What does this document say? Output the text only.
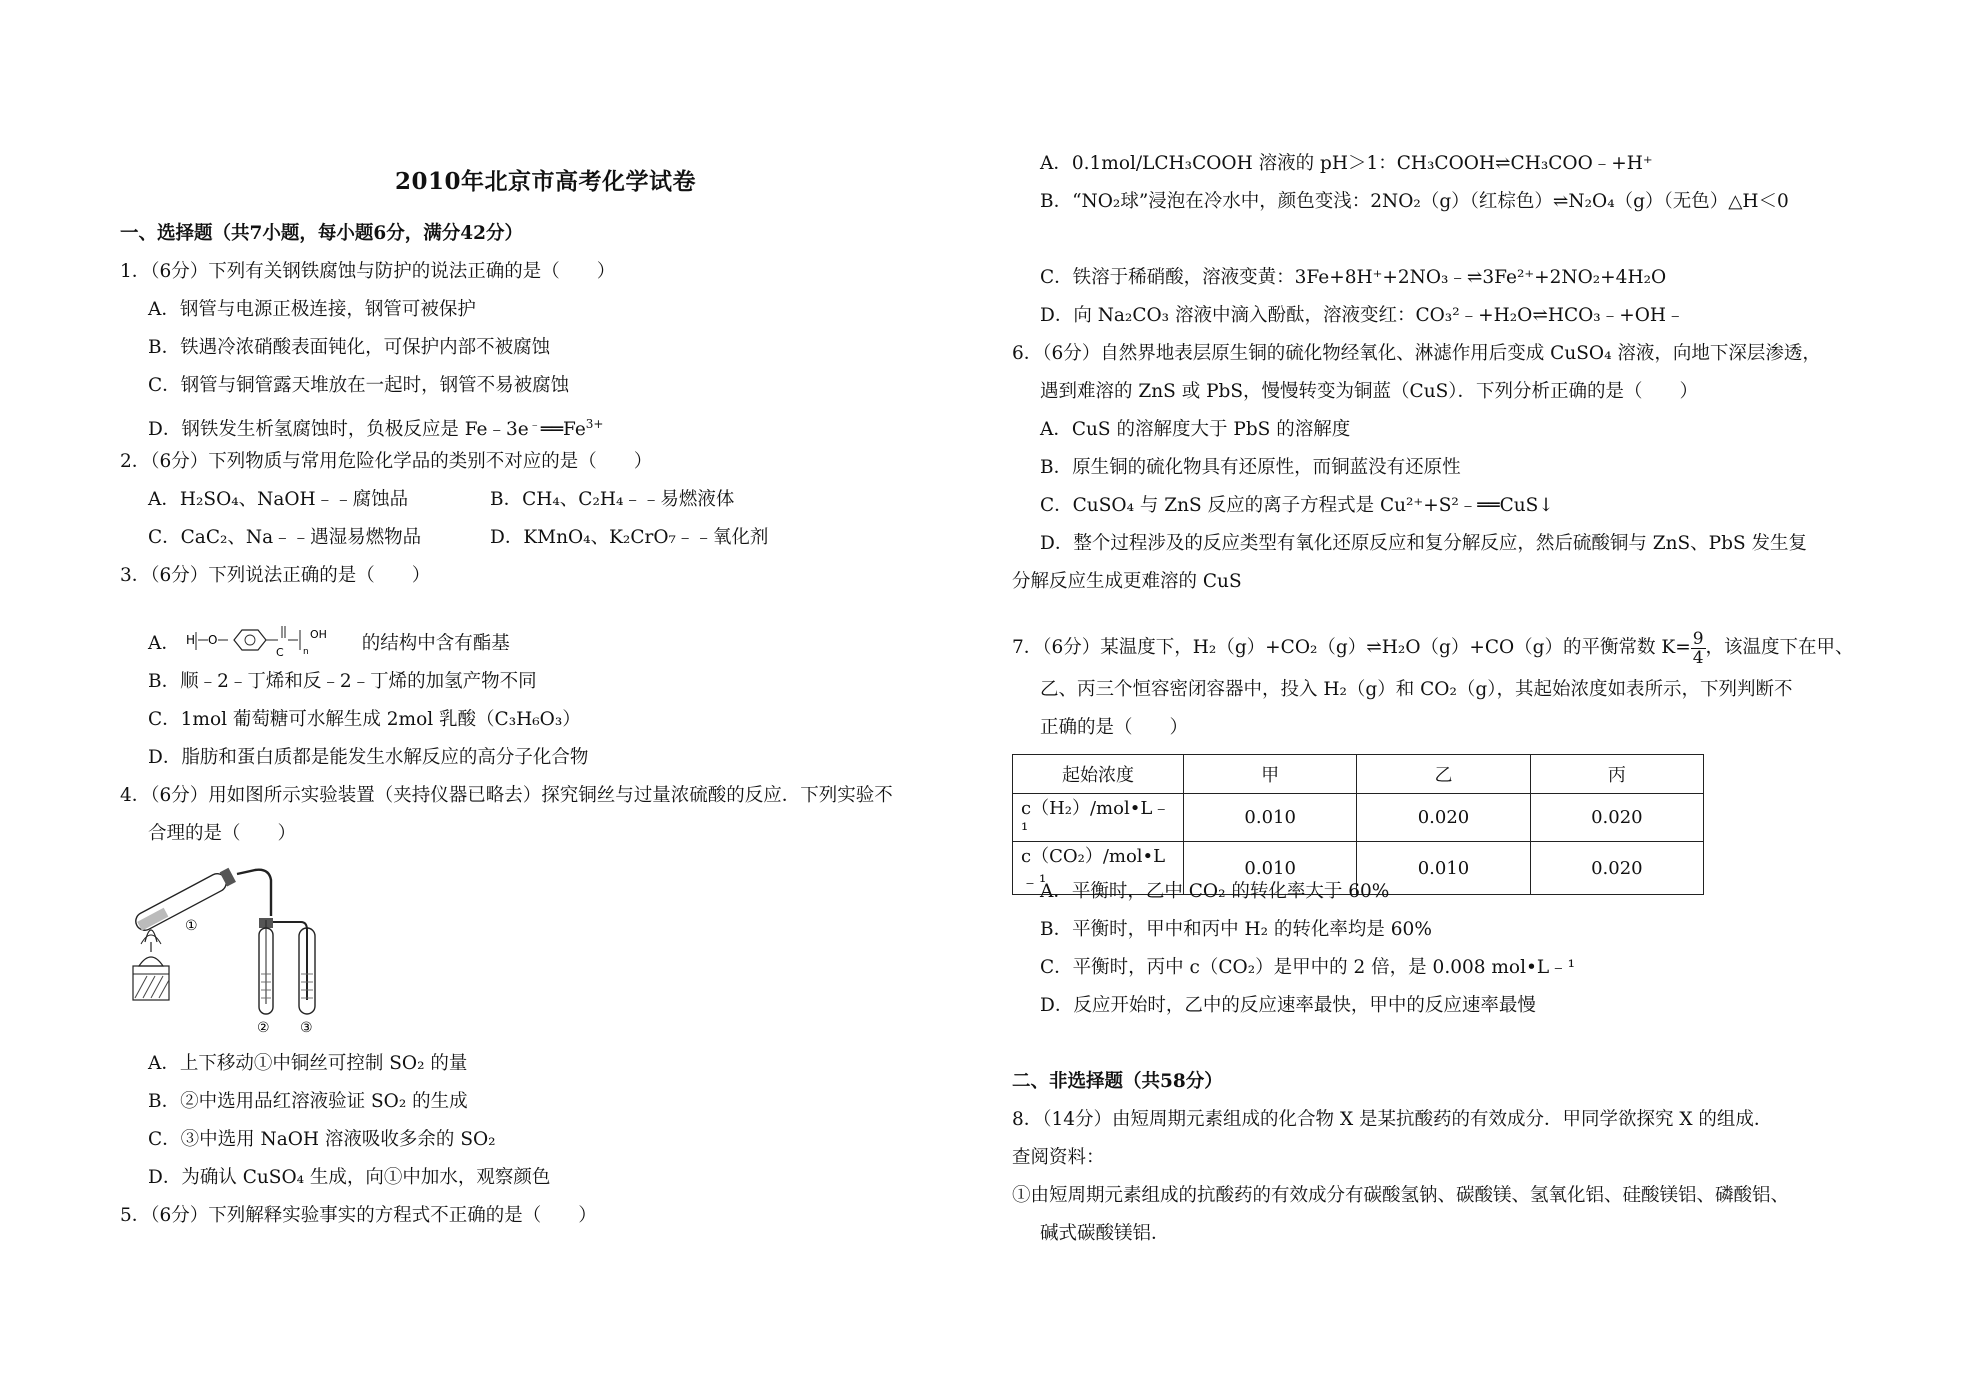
2010年北京市高考化学试卷
一、选择题（共7小题，每小题6分，满分42分）
1．（6分）下列有关钢铁腐蚀与防护的说法正确的是（　　）
A．钢管与电源正极连接，钢管可被保护
B．铁遇冷浓硝酸表面钝化，可保护内部不被腐蚀
C．钢管与铜管露天堆放在一起时，钢管不易被腐蚀
D．钢铁发生析氢腐蚀时，负极反应是 $Fe﹣3e^﹣══Fe^{3+}$
2．（6分）下列物质与常用危险化学品的类别不对应的是（　　）
A．H₂SO₄、NaOH﹣﹣腐蚀品	B．CH₄、C₂H₄﹣﹣易燃液体
C．CaC₂、Na﹣﹣遇湿易燃物品	D．KMnO₄、K₂CrO₇﹣﹣氧化剂
3．（6分）下列说法正确的是（　　）
A． H O
C n
OH 的结构中含有酯基
B．顺﹣2﹣丁烯和反﹣2﹣丁烯的加氢产物不同
C．1mol 葡萄糖可水解生成 2mol 乳酸（C₃H₆O₃）
D．脂肪和蛋白质都是能发生水解反应的高分子化合物
4．（6分）用如图所示实验装置（夹持仪器已略去）探究铜丝与过量浓硫酸的反应．下列实验不
合理的是（　　）
①
② ③
A．上下移动①中铜丝可控制 SO₂ 的量
B．②中选用品红溶液验证 SO₂ 的生成
C．③中选用 NaOH 溶液吸收多余的 SO₂
D．为确认 CuSO₄ 生成，向①中加水，观察颜色
5．（6分）下列解释实验事实的方程式不正确的是（　　）
A．0.1mol/LCH₃COOH 溶液的 pH＞1：CH₃COOH⇌CH₃COO﹣+H⁺
B．“NO₂球”浸泡在冷水中，颜色变浅：2NO₂（g）（红棕色）⇌N₂O₄（g）（无色）△H＜0
C．铁溶于稀硝酸，溶液变黄：3Fe+8H⁺+2NO₃﹣⇌3Fe²⁺+2NO₂+4H₂O
D．向 Na₂CO₃ 溶液中滴入酚酞，溶液变红：CO₃²﹣+H₂O⇌HCO₃﹣+OH﹣
6．（6分）自然界地表层原生铜的硫化物经氧化、淋滤作用后变成 CuSO₄ 溶液，向地下深层渗透，
遇到难溶的 ZnS 或 PbS，慢慢转变为铜蓝（CuS）．下列分析正确的是（　　）
A．CuS 的溶解度大于 PbS 的溶解度
B．原生铜的硫化物具有还原性，而铜蓝没有还原性
C．CuSO₄ 与 ZnS 反应的离子方程式是 Cu²⁺+S²﹣══CuS↓
D．整个过程涉及的反应类型有氧化还原反应和复分解反应，然后硫酸铜与 ZnS、PbS 发生复
分解反应生成更难溶的 CuS
7．（6分）某温度下，H₂（g）+CO₂（g）⇌H₂O（g）+CO（g）的平衡常数 $K= \frac{9}{4}$ ，该温度下在甲、
乙、丙三个恒容密闭容器中，投入 H₂（g）和 CO₂（g），其起始浓度如表所示，下列判断不
正确的是（　　）
起始浓度	甲	乙	丙
c（H₂）/mol•L﹣¹	0.010	0.020	0.020
c（CO₂）/mol•L﹣¹	0.010	0.010	0.020
A．平衡时，乙中 CO₂ 的转化率大于 60%
B．平衡时，甲中和丙中 H₂ 的转化率均是 60%
C．平衡时，丙中 c（CO₂）是甲中的 2 倍，是 0.008 mol•L﹣¹
D．反应开始时，乙中的反应速率最快，甲中的反应速率最慢
二、非选择题（共58分）
8．（14分）由短周期元素组成的化合物 X 是某抗酸药的有效成分．甲同学欲探究 X 的组成．
查阅资料：
①由短周期元素组成的抗酸药的有效成分有碳酸氢钠、碳酸镁、氢氧化铝、硅酸镁铝、磷酸铝、
碱式碳酸镁铝．
